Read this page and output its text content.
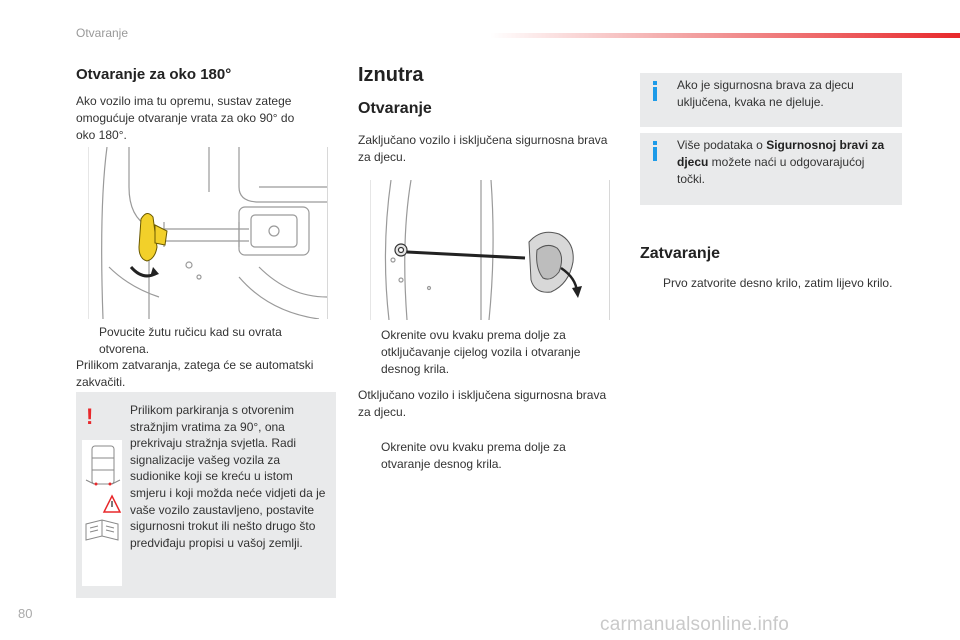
Otvaranje
Otvaranje za oko 180°

Ako vozilo ima tu opremu, sustav zatege omogućuje otvaranje vrata za oko 90° do oko 180°.

Povucite žutu ručicu kad su ovrata otvorena.

Prilikom zatvaranja, zatega će se automatski zakvačiti.

!	Prilikom parkiranja s otvorenim stražnjim vratima za 90°, ona prekrivaju stražnja svjetla. Radi signalizacije vašeg vozila za sudionike koji se kreću u istom smjeru i koji možda neće vidjeti da je vaše vozilo zaustavljeno, postavite sigurnosni trokut ili nešto drugo što predviđaju propisi u vašoj zemlji.

Iznutra
Otvaranje

Zaključano vozilo i isključena sigurnosna brava za djecu.

Okrenite ovu kvaku prema dolje za otključavanje cijelog vozila i otvaranje desnog krila.

Otključano vozilo i isključena sigurnosna brava za djecu.

Okrenite ovu kvaku prema dolje za otvaranje desnog krila.

Ako je sigurnosna brava za djecu uključena, kvaka ne djeluje.

Više podataka o Sigurnosnoj bravi za djecu možete naći u odgovarajućoj točki.

Zatvaranje
Prvo zatvorite desno krilo, zatim lijevo krilo.
80
carmanualsonline.info
